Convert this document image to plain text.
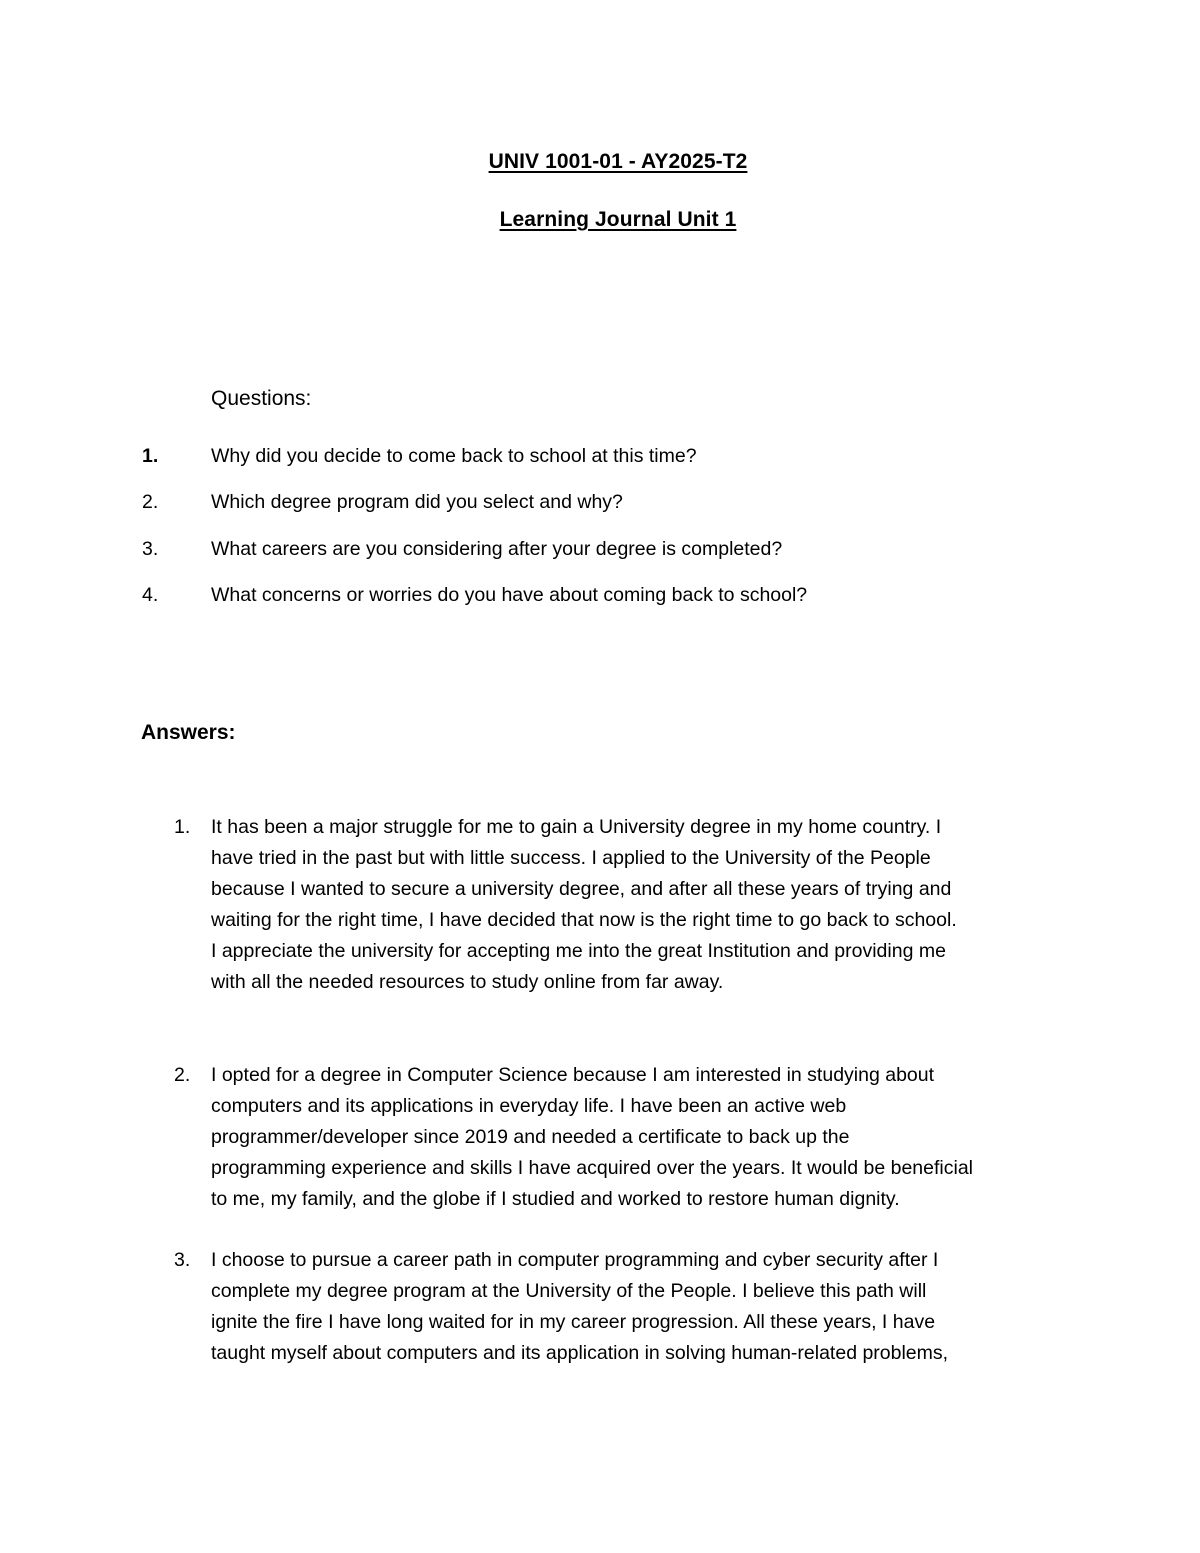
UNIV 1001-01 - AY2025-T2
Learning Journal Unit 1
Questions:
1.	Why did you decide to come back to school at this time?
2.	Which degree program did you select and why?
3.	What careers are you considering after your degree is completed?
4.	What concerns or worries do you have about coming back to school?
Answers:
1. It has been a major struggle for me to gain a University degree in my home country. I
have tried in the past but with little success. I applied to the University of the People
because I wanted to secure a university degree, and after all these years of trying and
waiting for the right time, I have decided that now is the right time to go back to school.
I appreciate the university for accepting me into the great Institution and providing me
with all the needed resources to study online from far away.
2. I opted for a degree in Computer Science because I am interested in studying about
computers and its applications in everyday life. I have been an active web
programmer/developer since 2019 and needed a certificate to back up the
programming experience and skills I have acquired over the years. It would be beneficial
to me, my family, and the globe if I studied and worked to restore human dignity.
3. I choose to pursue a career path in computer programming and cyber security after I
complete my degree program at the University of the People. I believe this path will
ignite the fire I have long waited for in my career progression. All these years, I have
taught myself about computers and its application in solving human-related problems,
